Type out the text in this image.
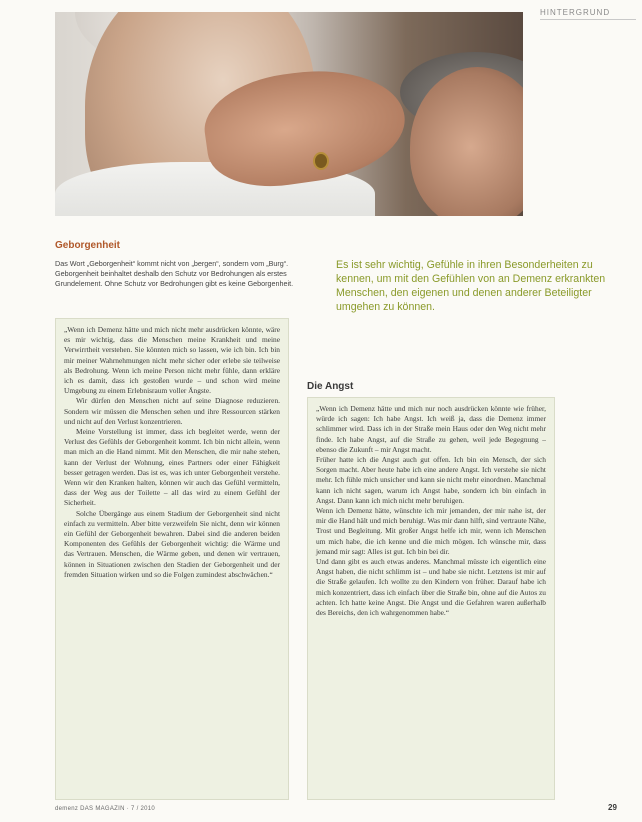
HINTERGRUND
Geborgenheit
Das Wort „Geborgenheit“ kommt nicht von „bergen“, sondern vom „Burg“. Geborgenheit beinhaltet deshalb den Schutz vor Bedrohungen als erstes Grundelement. Ohne Schutz vor Bedrohungen gibt es keine Geborgenheit.

„Wenn ich Demenz hätte und mich nicht mehr ausdrücken könnte, wäre es mir wichtig, dass die Menschen meine Krankheit und meine Verwirrtheit verstehen. Sie könnten mich so lassen, wie ich bin. Ich bin mir meiner Wahrnehmungen nicht mehr sicher oder erlebe sie teilweise als Bedrohung. Wenn ich meine Person nicht mehr fühle, dann erkläre ich es damit, dass ich gestoßen wurde – und schon wird meine Umgebung zu einem Erlebnisraum voller Ängste.

Wir dürfen den Menschen nicht auf seine Diagnose reduzieren. Sondern wir müssen die Menschen sehen und ihre Ressourcen stärken und nicht auf den Verlust konzentrieren.

Meine Vorstellung ist immer, dass ich begleitet werde, wenn der Verlust des Gefühls der Geborgenheit kommt. Ich bin nicht allein, wenn man mich an die Hand nimmt. Mit den Menschen, die mir nahe stehen, kann der Verlust der Wohnung, eines Partners oder einer Fähigkeit besser getragen werden. Das ist es, was ich unter Geborgenheit verstehe. Wenn wir den Kranken halten, können wir auch das Gefühl vermitteln, dass der Weg aus der Toilette – all das wird zu einem Gefühl der Sicherheit.

Solche Übergänge aus einem Stadium der Geborgenheit sind nicht einfach zu vermitteln. Aber bitte verzweifeln Sie nicht, denn wir können ein Gefühl der Geborgenheit bewahren. Dabei sind die anderen beiden Komponenten des Gefühls der Geborgenheit wichtig: die Wärme und das Vertrauen. Menschen, die Wärme geben, und denen wir vertrauen, können in Situationen zwischen den Stadien der Geborgenheit und der fremden Situation wirken und so die Folgen zumindest abschwächen.“

Es ist sehr wichtig, Gefühle in ihren Besonderheiten zu kennen, um mit den Gefühlen von an Demenz erkrankten Menschen, den eigenen und denen anderer Beteiligter umgehen zu können.
Die Angst

„Wenn ich Demenz hätte und mich nur noch ausdrücken könnte wie früher, würde ich sagen: Ich habe Angst. Ich weiß ja, dass die Demenz immer schlimmer wird. Dass ich in der Straße mein Haus oder den Weg nicht mehr finde. Ich habe Angst, auf die Straße zu gehen, weil jede Begegnung – ebenso die Zukunft – mir Angst macht.

Früher hatte ich die Angst auch gut offen. Ich bin ein Mensch, der sich Sorgen macht. Aber heute habe ich eine andere Angst. Ich verstehe sie nicht mehr. Ich fühle mich unsicher und kann sie nicht mehr einordnen. Manchmal kann ich nicht sagen, warum ich Angst habe, sondern ich bin einfach in Angst. Dann kann ich mich nicht mehr beruhigen.

Wenn ich Demenz hätte, wünschte ich mir jemanden, der mir nahe ist, der mir die Hand hält und mich beruhigt. Was mir dann hilft, sind vertraute Nähe, Trost und Begleitung. Mit großer Angst helfe ich mir, wenn ich Menschen um mich habe, die ich kenne und die mich mögen. Ich wünsche mir, dass jemand mir sagt: Alles ist gut. Ich bin bei dir.

Und dann gibt es auch etwas anderes. Manchmal müsste ich eigentlich eine Angst haben, die nicht schlimm ist – und habe sie nicht. Letztens ist mir auf die Straße gelaufen. Ich wollte zu den Kindern von früher. Darauf habe ich mich konzentriert, dass ich einfach über die Straße bin, ohne auf die Autos zu achten. Ich hatte keine Angst. Die Angst und die Gefahren waren außerhalb des Bereichs, den ich wahrgenommen habe.“

demenz DAS MAGAZIN · 7 / 2010	29
